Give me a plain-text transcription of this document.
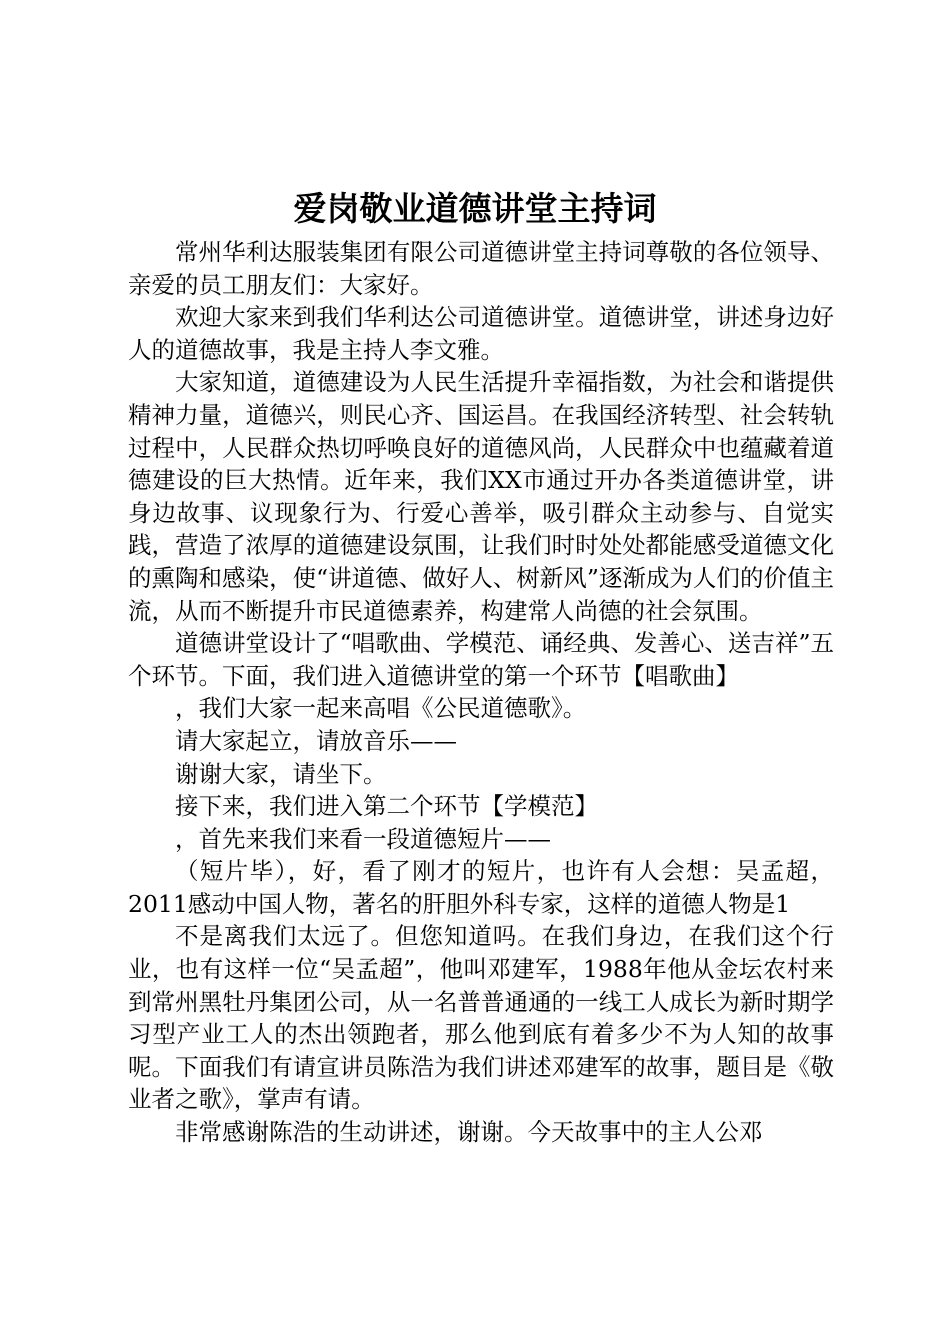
爱岗敬业道德讲堂主持词

常州华利达服装集团有限公司道德讲堂主持词尊敬的各位领导、亲爱的员工朋友们：大家好。

欢迎大家来到我们华利达公司道德讲堂。道德讲堂，讲述身边好人的道德故事，我是主持人李文雅。

大家知道，道德建设为人民生活提升幸福指数，为社会和谐提供精神力量，道德兴，则民心齐、国运昌。在我国经济转型、社会转轨过程中，人民群众热切呼唤良好的道德风尚，人民群众中也蕴藏着道德建设的巨大热情。近年来，我们XX市通过开办各类道德讲堂，讲身边故事、议现象行为、行爱心善举，吸引群众主动参与、自觉实践，营造了浓厚的道德建设氛围，让我们时时处处都能感受道德文化的熏陶和感染，使“讲道德、做好人、树新风”逐渐成为人们的价值主流，从而不断提升市民道德素养，构建常人尚德的社会氛围。

道德讲堂设计了“唱歌曲、学模范、诵经典、发善心、送吉祥”五个环节。下面，我们进入道德讲堂的第一个环节【唱歌曲】

，我们大家一起来高唱《公民道德歌》。

请大家起立，请放音乐——

谢谢大家，请坐下。

接下来，我们进入第二个环节【学模范】

，首先来我们来看一段道德短片——

（短片毕），好，看了刚才的短片，也许有人会想：吴孟超，2011感动中国人物，著名的肝胆外科专家，这样的道德人物是1

不是离我们太远了。但您知道吗。在我们身边，在我们这个行业，也有这样一位“吴孟超”，他叫邓建军，1988年他从金坛农村来到常州黑牡丹集团公司，从一名普普通通的一线工人成长为新时期学习型产业工人的杰出领跑者，那么他到底有着多少不为人知的故事呢。下面我们有请宣讲员陈浩为我们讲述邓建军的故事，题目是《敬业者之歌》，掌声有请。

非常感谢陈浩的生动讲述，谢谢。今天故事中的主人公邓
